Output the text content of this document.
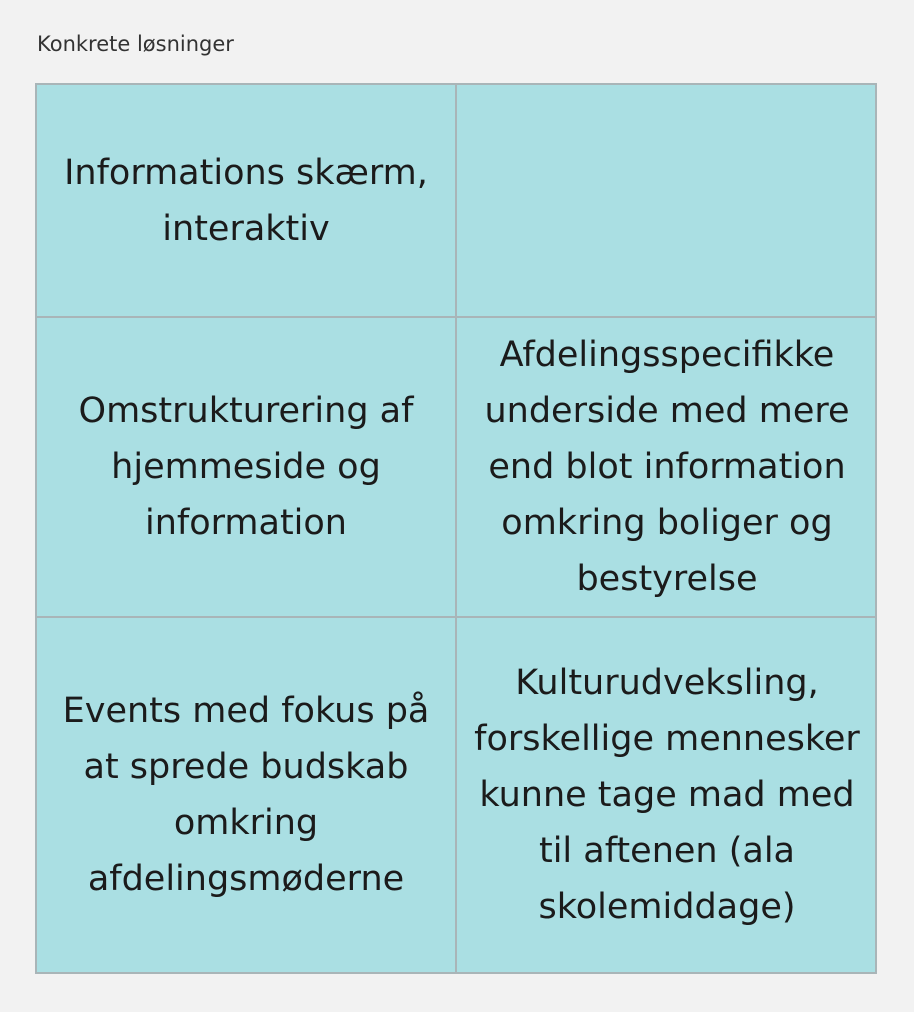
Konkrete løsninger
Informations skærm, interaktiv
Omstrukturering af hjemmeside og information
Afdelingsspecifikke underside med mere end blot information omkring boliger og bestyrelse
Events med fokus på at sprede budskab omkring afdelingsmøderne
Kulturudveksling, forskellige mennesker kunne tage mad med til aftenen (ala skolemiddage)
